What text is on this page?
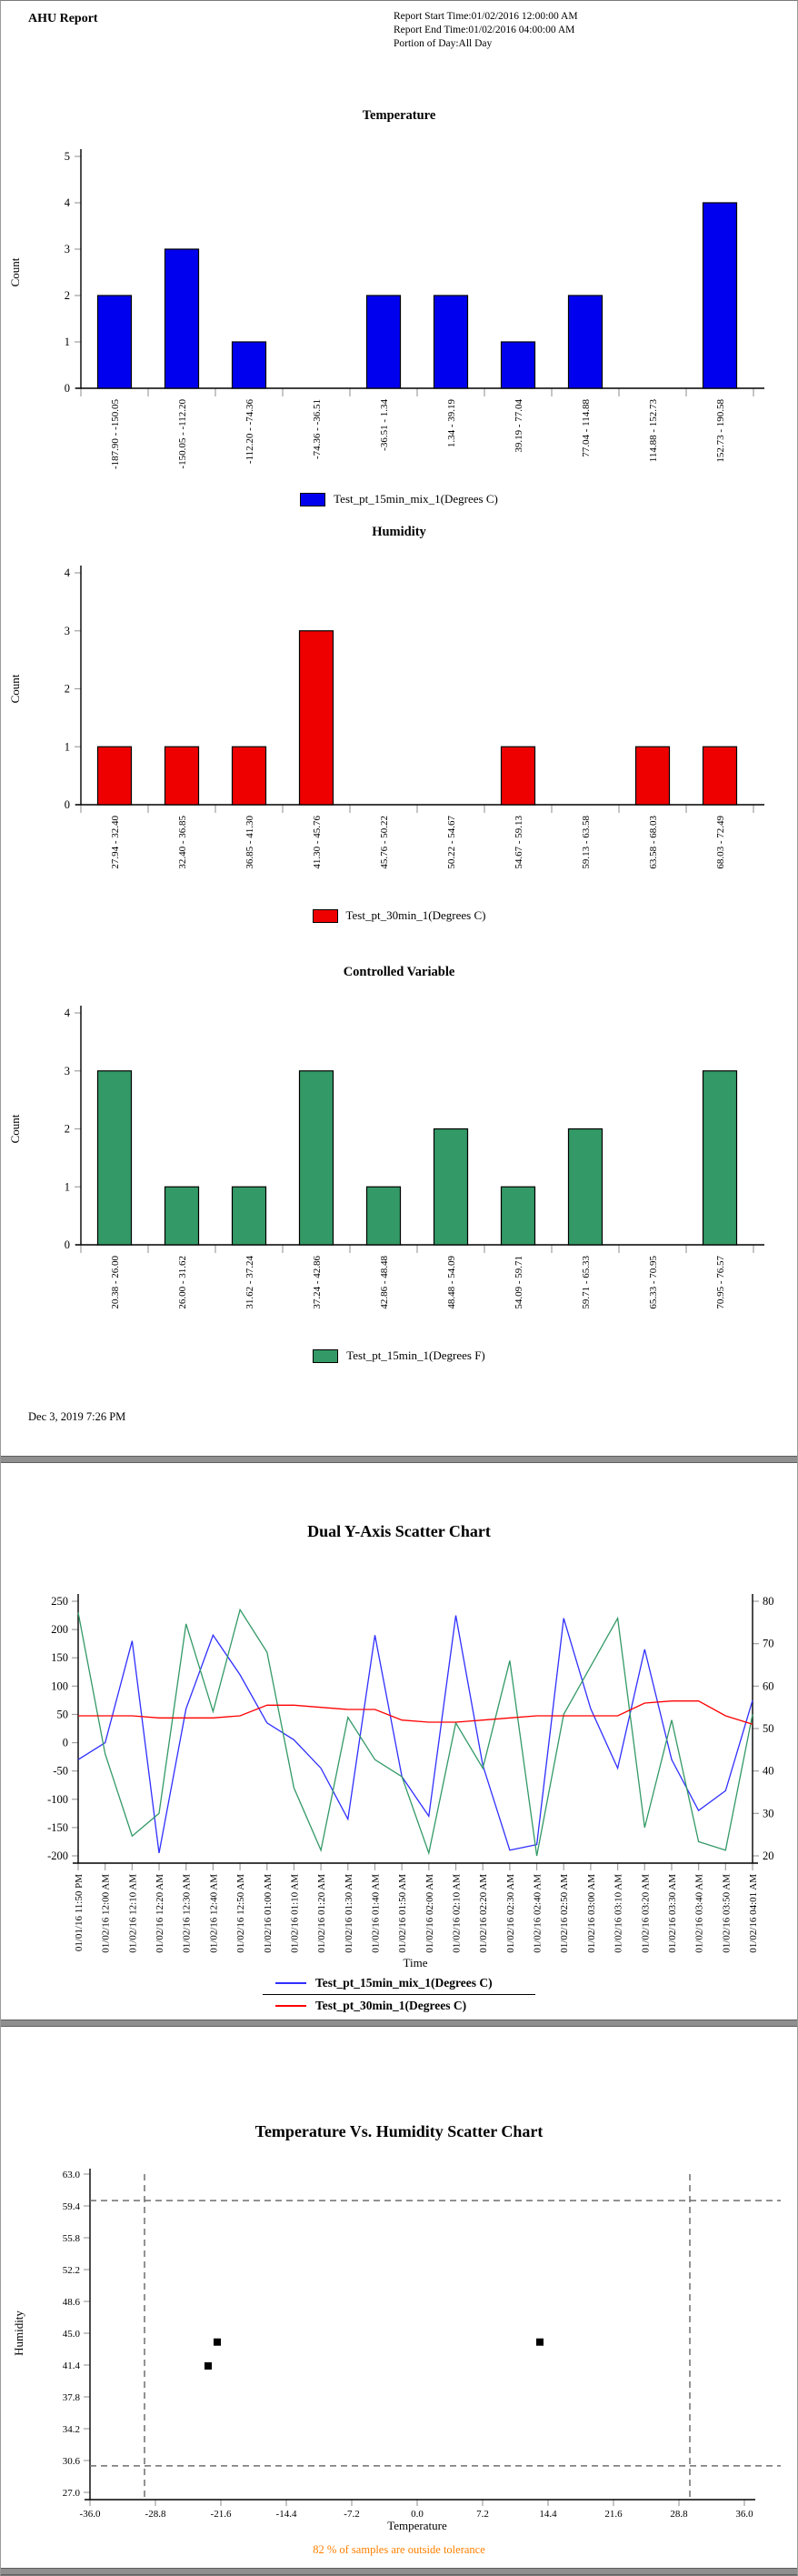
AHU Report	Report Start Time:01/02/2016 12:00:00 AM
Report End Time:01/02/2016 04:00:00 AM
Portion of Day:All Day
Temperature
0
1
2
3
4
5
-187.90 - -150.05	-150.05 - -112.20	-112.20 - -74.36	-74.36 - -36.51	-36.51 - 1.34	1.34 - 39.19	39.19 - 77.04	77.04 - 114.88	114.88 - 152.73	152.73 - 190.58
Count
Test_pt_15min_mix_1(Degrees C)
Humidity
0
1
2
3
4
27.94 - 32.40	32.40 - 36.85	36.85 - 41.30	41.30 - 45.76	45.76 - 50.22	50.22 - 54.67	54.67 - 59.13	59.13 - 63.58	63.58 - 68.03	68.03 - 72.49
Count
Test_pt_30min_1(Degrees C)
Controlled Variable
0
1
2
3
4
20.38 - 26.00	26.00 - 31.62	31.62 - 37.24	37.24 - 42.86	42.86 - 48.48	48.48 - 54.09	54.09 - 59.71	59.71 - 65.33	65.33 - 70.95	70.95 - 76.57
Count
Test_pt_15min_1(Degrees F)
Dec 3, 2019 7:26 PM
Dual Y-Axis Scatter Chart
250
200
150
100
50
0
-50
-100
-150
-200
80
70
60
50
40
30
20
01/01/16 11:50 PM 01/02/16 12:00 AM 01/02/16 12:10 AM 01/02/16 12:20 AM 01/02/16 12:30 AM 01/02/16 12:40 AM 01/02/16 12:50 AM 01/02/16 01:00 AM 01/02/16 01:10 AM 01/02/16 01:20 AM 01/02/16 01:30 AM 01/02/16 01:40 AM 01/02/16 01:50 AM 01/02/16 02:00 AM 01/02/16 02:10 AM 01/02/16 02:20 AM 01/02/16 02:30 AM 01/02/16 02:40 AM 01/02/16 02:50 AM 01/02/16 03:00 AM 01/02/16 03:10 AM 01/02/16 03:20 AM 01/02/16 03:30 AM 01/02/16 03:40 AM 01/02/16 03:50 AM 01/02/16 04:01 AM
Time
Test_pt_15min_mix_1(Degrees C)
Test_pt_30min_1(Degrees C)
Temperature Vs. Humidity Scatter Chart
63.0
59.4
55.8
52.2
48.6
45.0
41.4
37.8
34.2
30.6
27.0
-36.0	-28.8	-21.6	-14.4	-7.2	0.0	7.2	14.4	21.6	28.8	36.0
Temperature
Humidity
82 % of samples are outside tolerance
